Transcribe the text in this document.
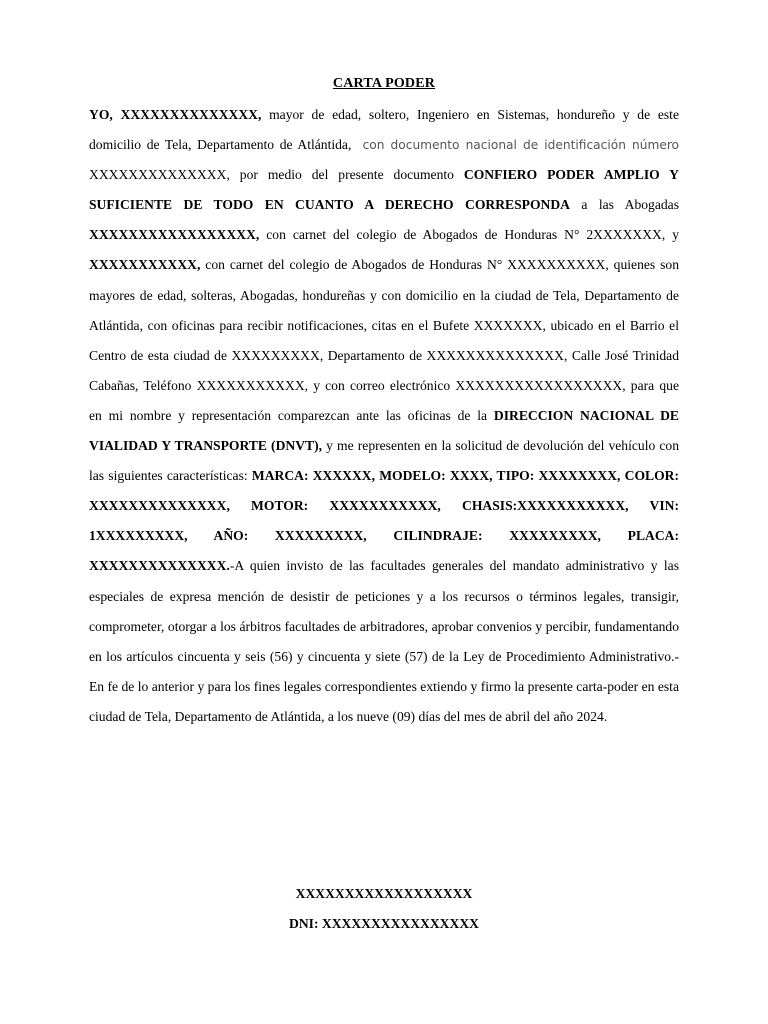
CARTA PODER
YO, XXXXXXXXXXXXXX, mayor de edad, soltero, Ingeniero en Sistemas, hondureño y de este domicilio de Tela, Departamento de Atlántida, con documento nacional de identificación número XXXXXXXXXXXXXX, por medio del presente documento CONFIERO PODER AMPLIO Y SUFICIENTE DE TODO EN CUANTO A DERECHO CORRESPONDA a las Abogadas XXXXXXXXXXXXXXXXX, con carnet del colegio de Abogados de Honduras N° 2XXXXXXX, y XXXXXXXXXXX, con carnet del colegio de Abogados de Honduras N° XXXXXXXXXX, quienes son mayores de edad, solteras, Abogadas, hondureñas y con domicilio en la ciudad de Tela, Departamento de Atlántida, con oficinas para recibir notificaciones, citas en el Bufete XXXXXXX, ubicado en el Barrio el Centro de esta ciudad de XXXXXXXXX, Departamento de XXXXXXXXXXXXXX, Calle José Trinidad Cabañas, Teléfono XXXXXXXXXXX, y con correo electrónico XXXXXXXXXXXXXXXXX, para que en mi nombre y representación comparezcan ante las oficinas de la DIRECCION NACIONAL DE VIALIDAD Y TRANSPORTE (DNVT), y me representen en la solicitud de devolución del vehículo con las siguientes características: MARCA: XXXXXX, MODELO: XXXX, TIPO: XXXXXXXX, COLOR: XXXXXXXXXXXXXX, MOTOR: XXXXXXXXXXX, CHASIS:XXXXXXXXXXX, VIN: 1XXXXXXXXX, AÑO: XXXXXXXXX, CILINDRAJE: XXXXXXXXX, PLACA: XXXXXXXXXXXXXX.-A quien invisto de las facultades generales del mandato administrativo y las especiales de expresa mención de desistir de peticiones y a los recursos o términos legales, transigir, comprometer, otorgar a los árbitros facultades de arbitradores, aprobar convenios y percibir, fundamentando en los artículos cincuenta y seis (56) y cincuenta y siete (57) de la Ley de Procedimiento Administrativo.- En fe de lo anterior y para los fines legales correspondientes extiendo y firmo la presente carta-poder en esta ciudad de Tela, Departamento de Atlántida, a los nueve (09) días del mes de abril del año 2024.
XXXXXXXXXXXXXXXXXX
DNI: XXXXXXXXXXXXXXXX
